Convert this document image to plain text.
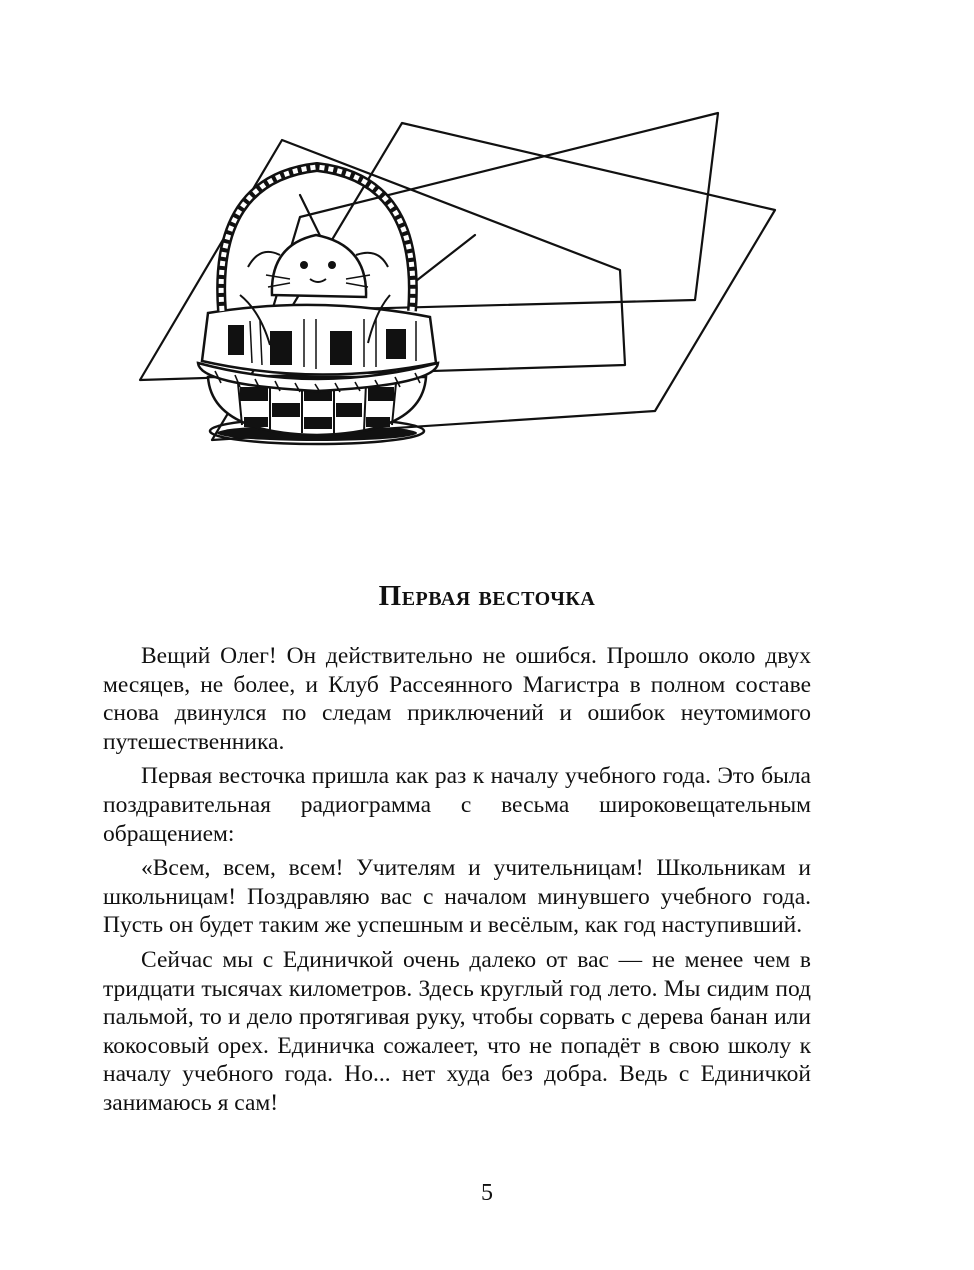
Первая весточка

Вещий Олег! Он действительно не ошибся. Прошло около двух месяцев, не более, и Клуб Рассеянного Магистра в полном составе снова двинулся по следам приключений и ошибок неутомимого путешественника.

Первая весточка пришла как раз к началу учебного года. Это была поздравительная радиограмма с весьма широковещательным обращением:

«Всем, всем, всем! Учителям и учительницам! Школьникам и школьницам! Поздравляю вас с началом минувшего учебного года. Пусть он будет таким же успешным и весёлым, как год наступивший.

Сейчас мы с Единичкой очень далеко от вас — не менее чем в тридцати тысячах километров. Здесь круглый год лето. Мы сидим под пальмой, то и дело протягивая руку, чтобы сорвать с дерева банан или кокосовый орех. Единичка сожалеет, что не попадёт в свою школу к началу учебного года. Но... нет худа без добра. Ведь с Единичкой занимаюсь я сам!

5
